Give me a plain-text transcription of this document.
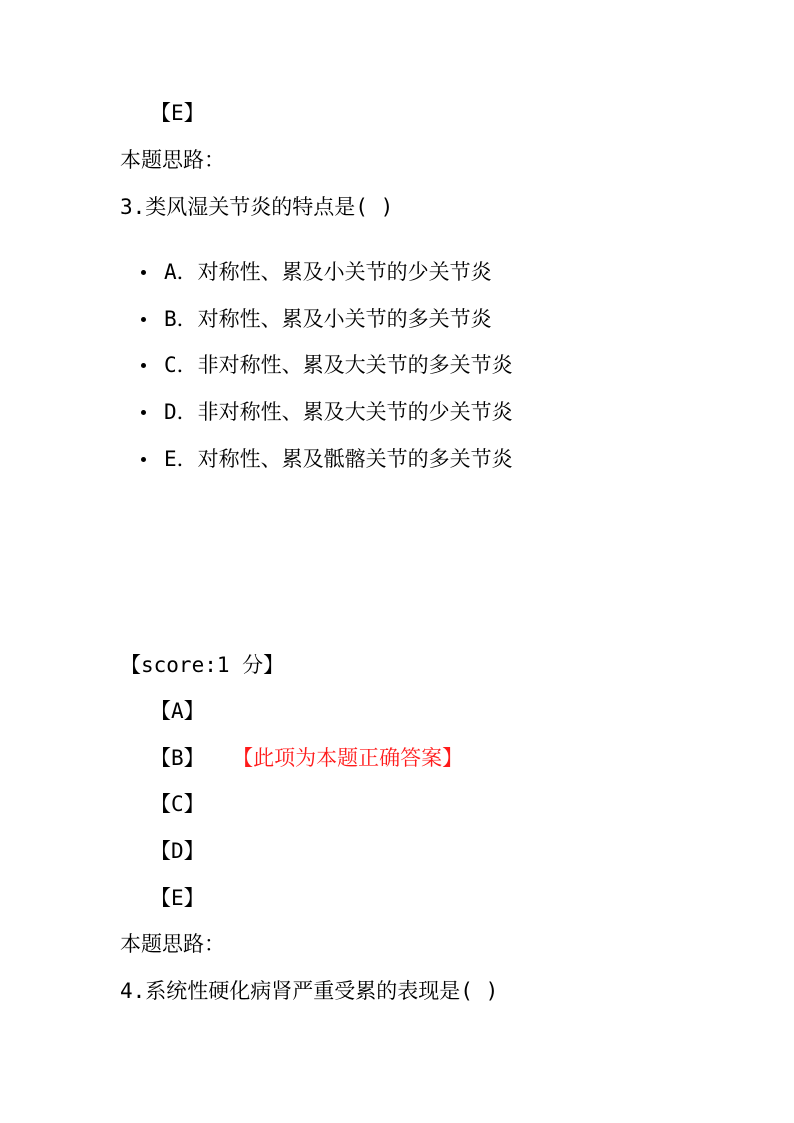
【E】
本题思路：
3.类风湿关节炎的特点是( )
A．对称性、累及小关节的少关节炎
B．对称性、累及小关节的多关节炎
C．非对称性、累及大关节的多关节炎
D．非对称性、累及大关节的少关节炎
E．对称性、累及骶髂关节的多关节炎
【score:1 分】
【A】
【B】 【此项为本题正确答案】
【C】
【D】
【E】
本题思路：
4.系统性硬化病肾严重受累的表现是( )
